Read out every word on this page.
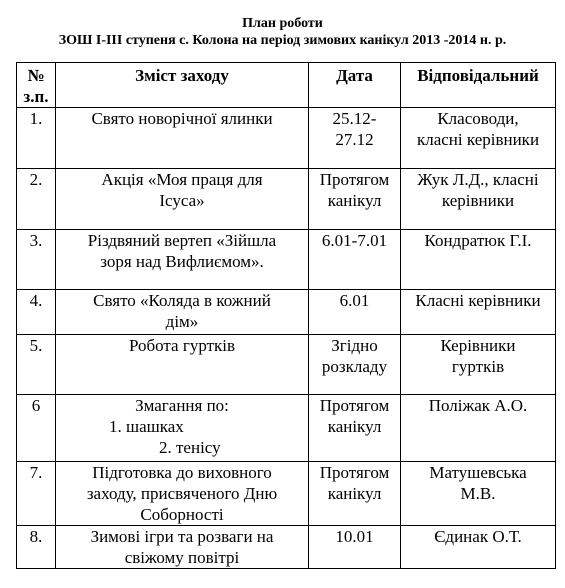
План роботи
ЗОШ І-ІІІ ступеня с. Колона на період зимових канікул 2013 -2014 н. р.
№
з.п.	Зміст заходу	Дата	Відповідальний
1.	Свято новорічної ялинки	25.12-
27.12	Класоводи,
класні керівники

2.	Акція «Моя праця для
Ісуса»	Протягом
канікул	Жук Л.Д., класні
керівники

3.	Різдвяний вертеп «Зійшла
зоря над Вифлиємом».	6.01-7.01	Кондратюк Г.І.

4.	Свято «Коляда в кожний
дім»	6.01	Класні керівники

5.	Робота гуртків	Згідно
розкладу	Керівники
гуртків

6	Змагання по:
1. шашках
2. тенісу	Протягом
канікул	Поліжак А.О.

7.	Підготовка до виховного
заходу, присвяченого Дню
Соборності	Протягом
канікул	Матушевська
М.В.

8.	Зимові ігри та розваги на
свіжому повітрі	10.01	Єдинак О.Т.
